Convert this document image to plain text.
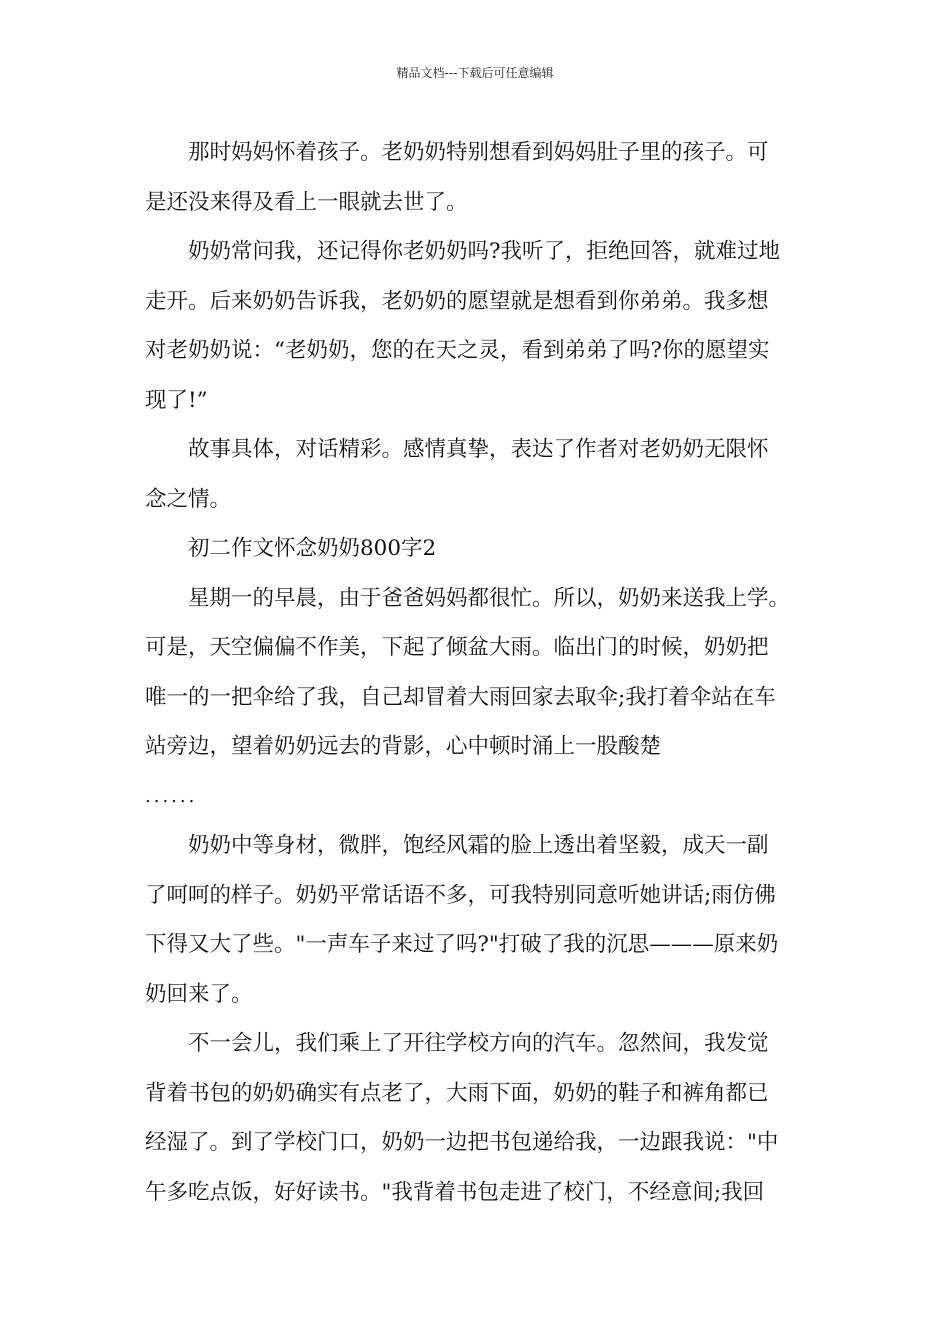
精品文档---下载后可任意编辑

那时妈妈怀着孩子。老奶奶特别想看到妈妈肚子里的孩子。可
是还没来得及看上一眼就去世了。

奶奶常问我，还记得你老奶奶吗?我听了，拒绝回答，就难过地
走开。后来奶奶告诉我，老奶奶的愿望就是想看到你弟弟。我多想
对老奶奶说：“老奶奶，您的在天之灵，看到弟弟了吗?你的愿望实
现了!”

故事具体，对话精彩。感情真挚，表达了作者对老奶奶无限怀
念之情。

初二作文怀念奶奶800字2

星期一的早晨，由于爸爸妈妈都很忙。所以，奶奶来送我上学。
可是，天空偏偏不作美，下起了倾盆大雨。临出门的时候，奶奶把
唯一的一把伞给了我，自己却冒着大雨回家去取伞;我打着伞站在车
站旁边，望着奶奶远去的背影，心中顿时涌上一股酸楚

......

奶奶中等身材，微胖，饱经风霜的脸上透出着坚毅，成天一副
了呵呵的样子。奶奶平常话语不多，可我特别同意听她讲话;雨仿佛
下得又大了些。"一声车子来过了吗?"打破了我的沉思———原来奶
奶回来了。

不一会儿，我们乘上了开往学校方向的汽车。忽然间，我发觉
背着书包的奶奶确实有点老了，大雨下面，奶奶的鞋子和裤角都已
经湿了。到了学校门口，奶奶一边把书包递给我，一边跟我说："中
午多吃点饭，好好读书。"我背着书包走进了校门，不经意间;我回
